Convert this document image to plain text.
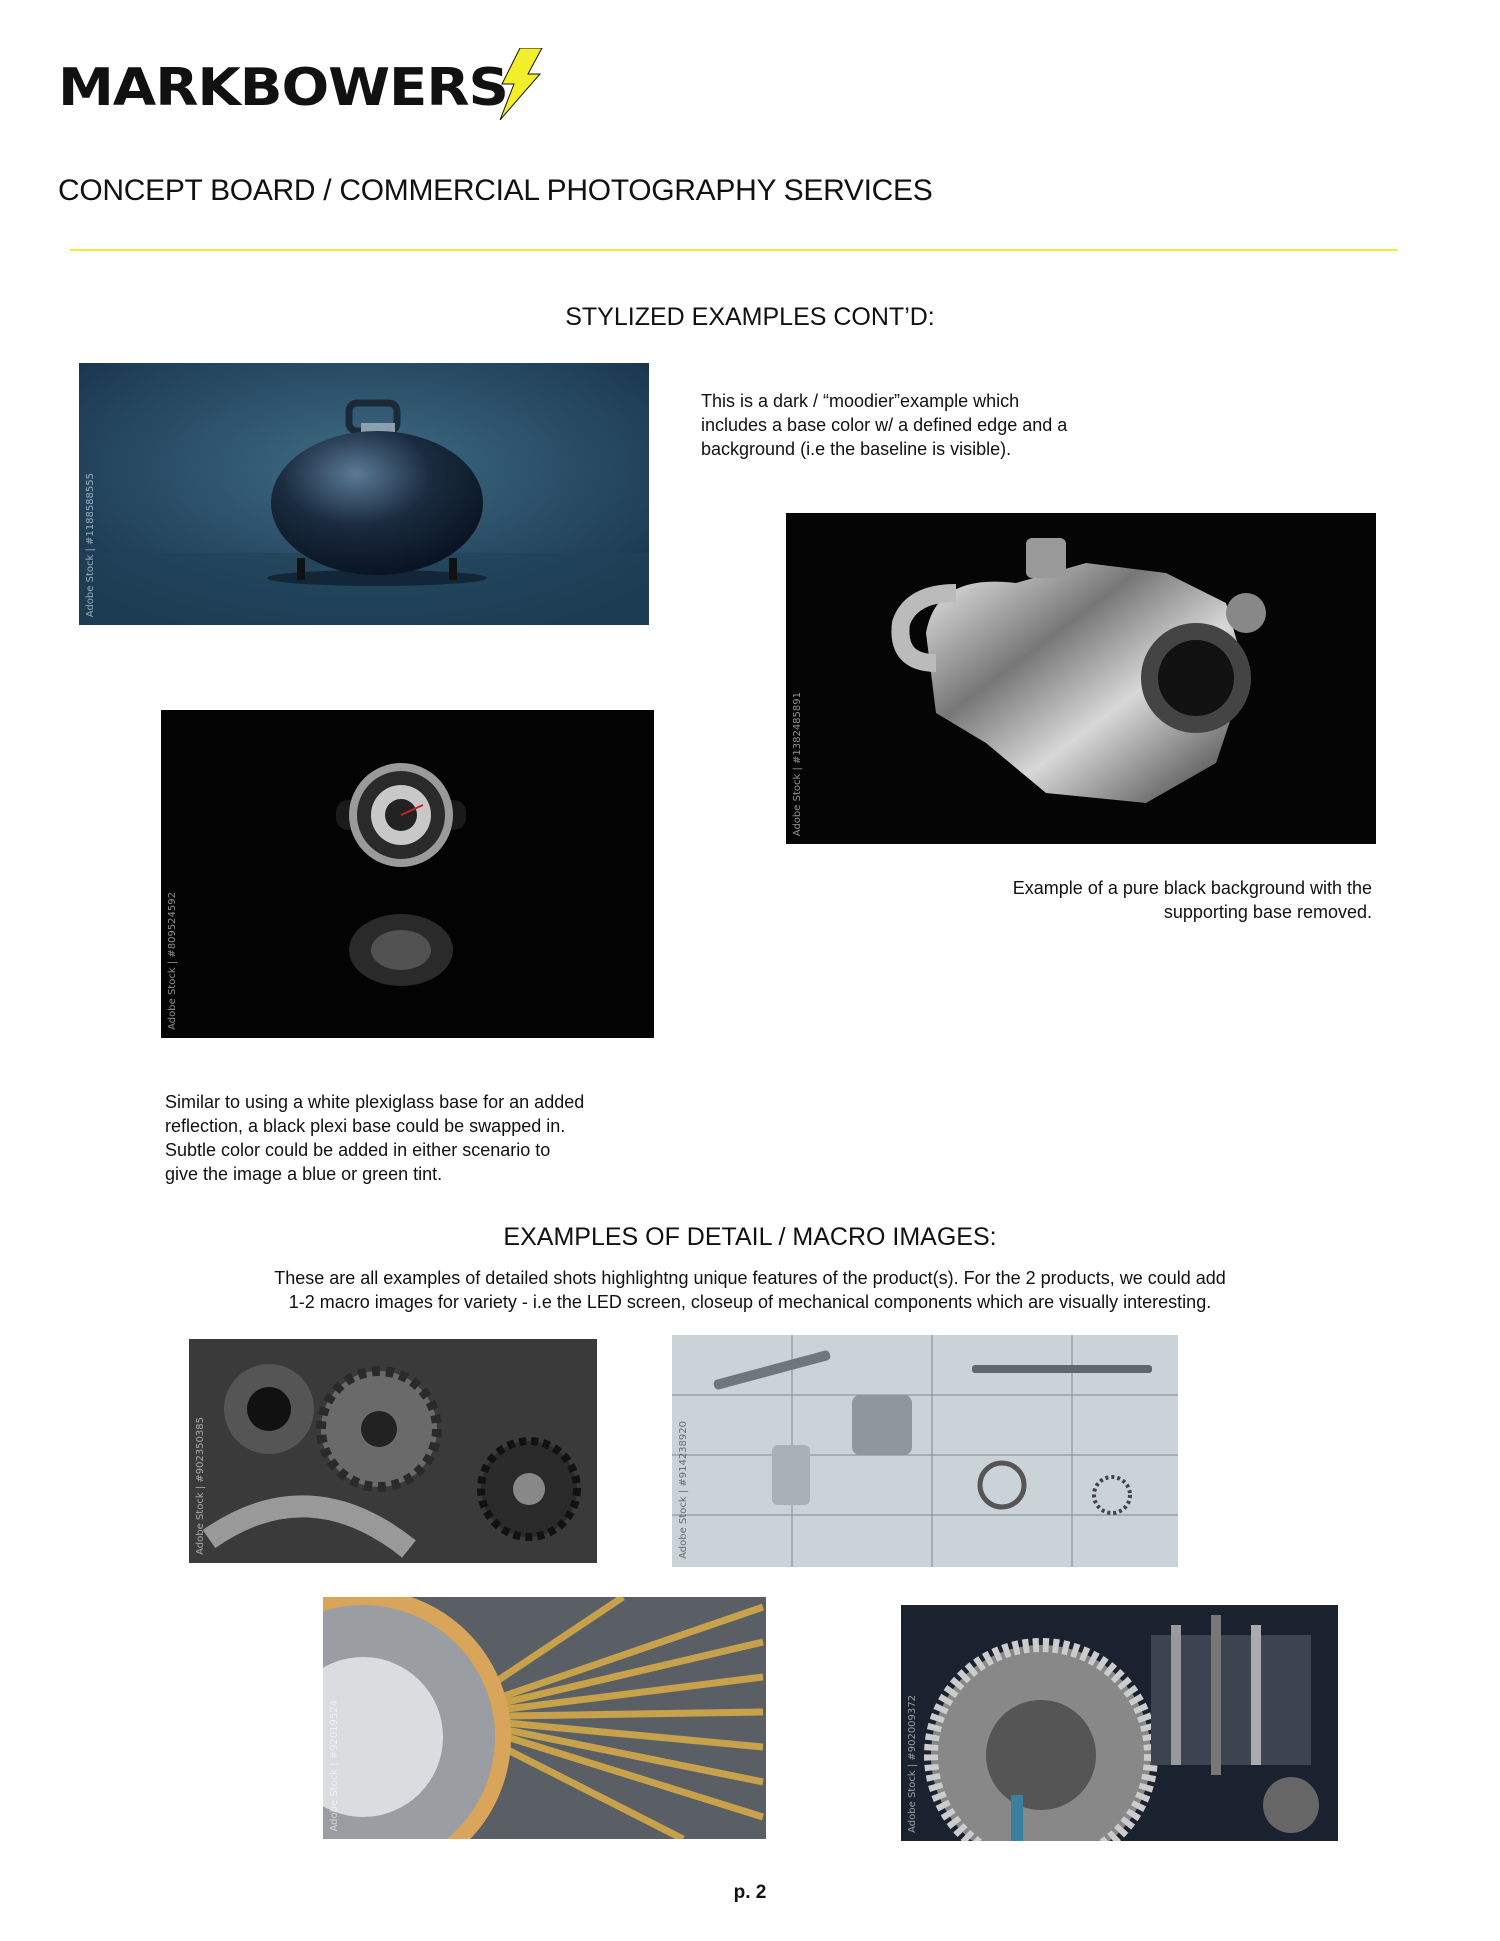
MARKBOWERS
CONCEPT BOARD / COMMERCIAL PHOTOGRAPHY SERVICES
STYLIZED EXAMPLES CONT’D:
Adobe Stock | #1188588555
This is a dark / “moodier”example which
includes a base color w/ a defined edge and a
background (i.e the baseline is visible).
Adobe Stock | #1382485891
Example of a pure black background with the
supporting base removed.
Adobe Stock | #809524592
Similar to using a white plexiglass base for an added
reflection, a black plexi base could be swapped in.
Subtle color could be added in either scenario to
give the image a blue or green tint.
EXAMPLES OF DETAIL / MACRO IMAGES:
These are all examples of detailed shots highlightng unique features of the product(s). For the 2 products, we could add
1-2 macro images for variety - i.e the LED screen, closeup of mechanical components which are visually interesting.
Adobe Stock | #902350385	Adobe Stock | #914238920
Adobe Stock | #92019524	Adobe Stock | #902009372
p. 2
